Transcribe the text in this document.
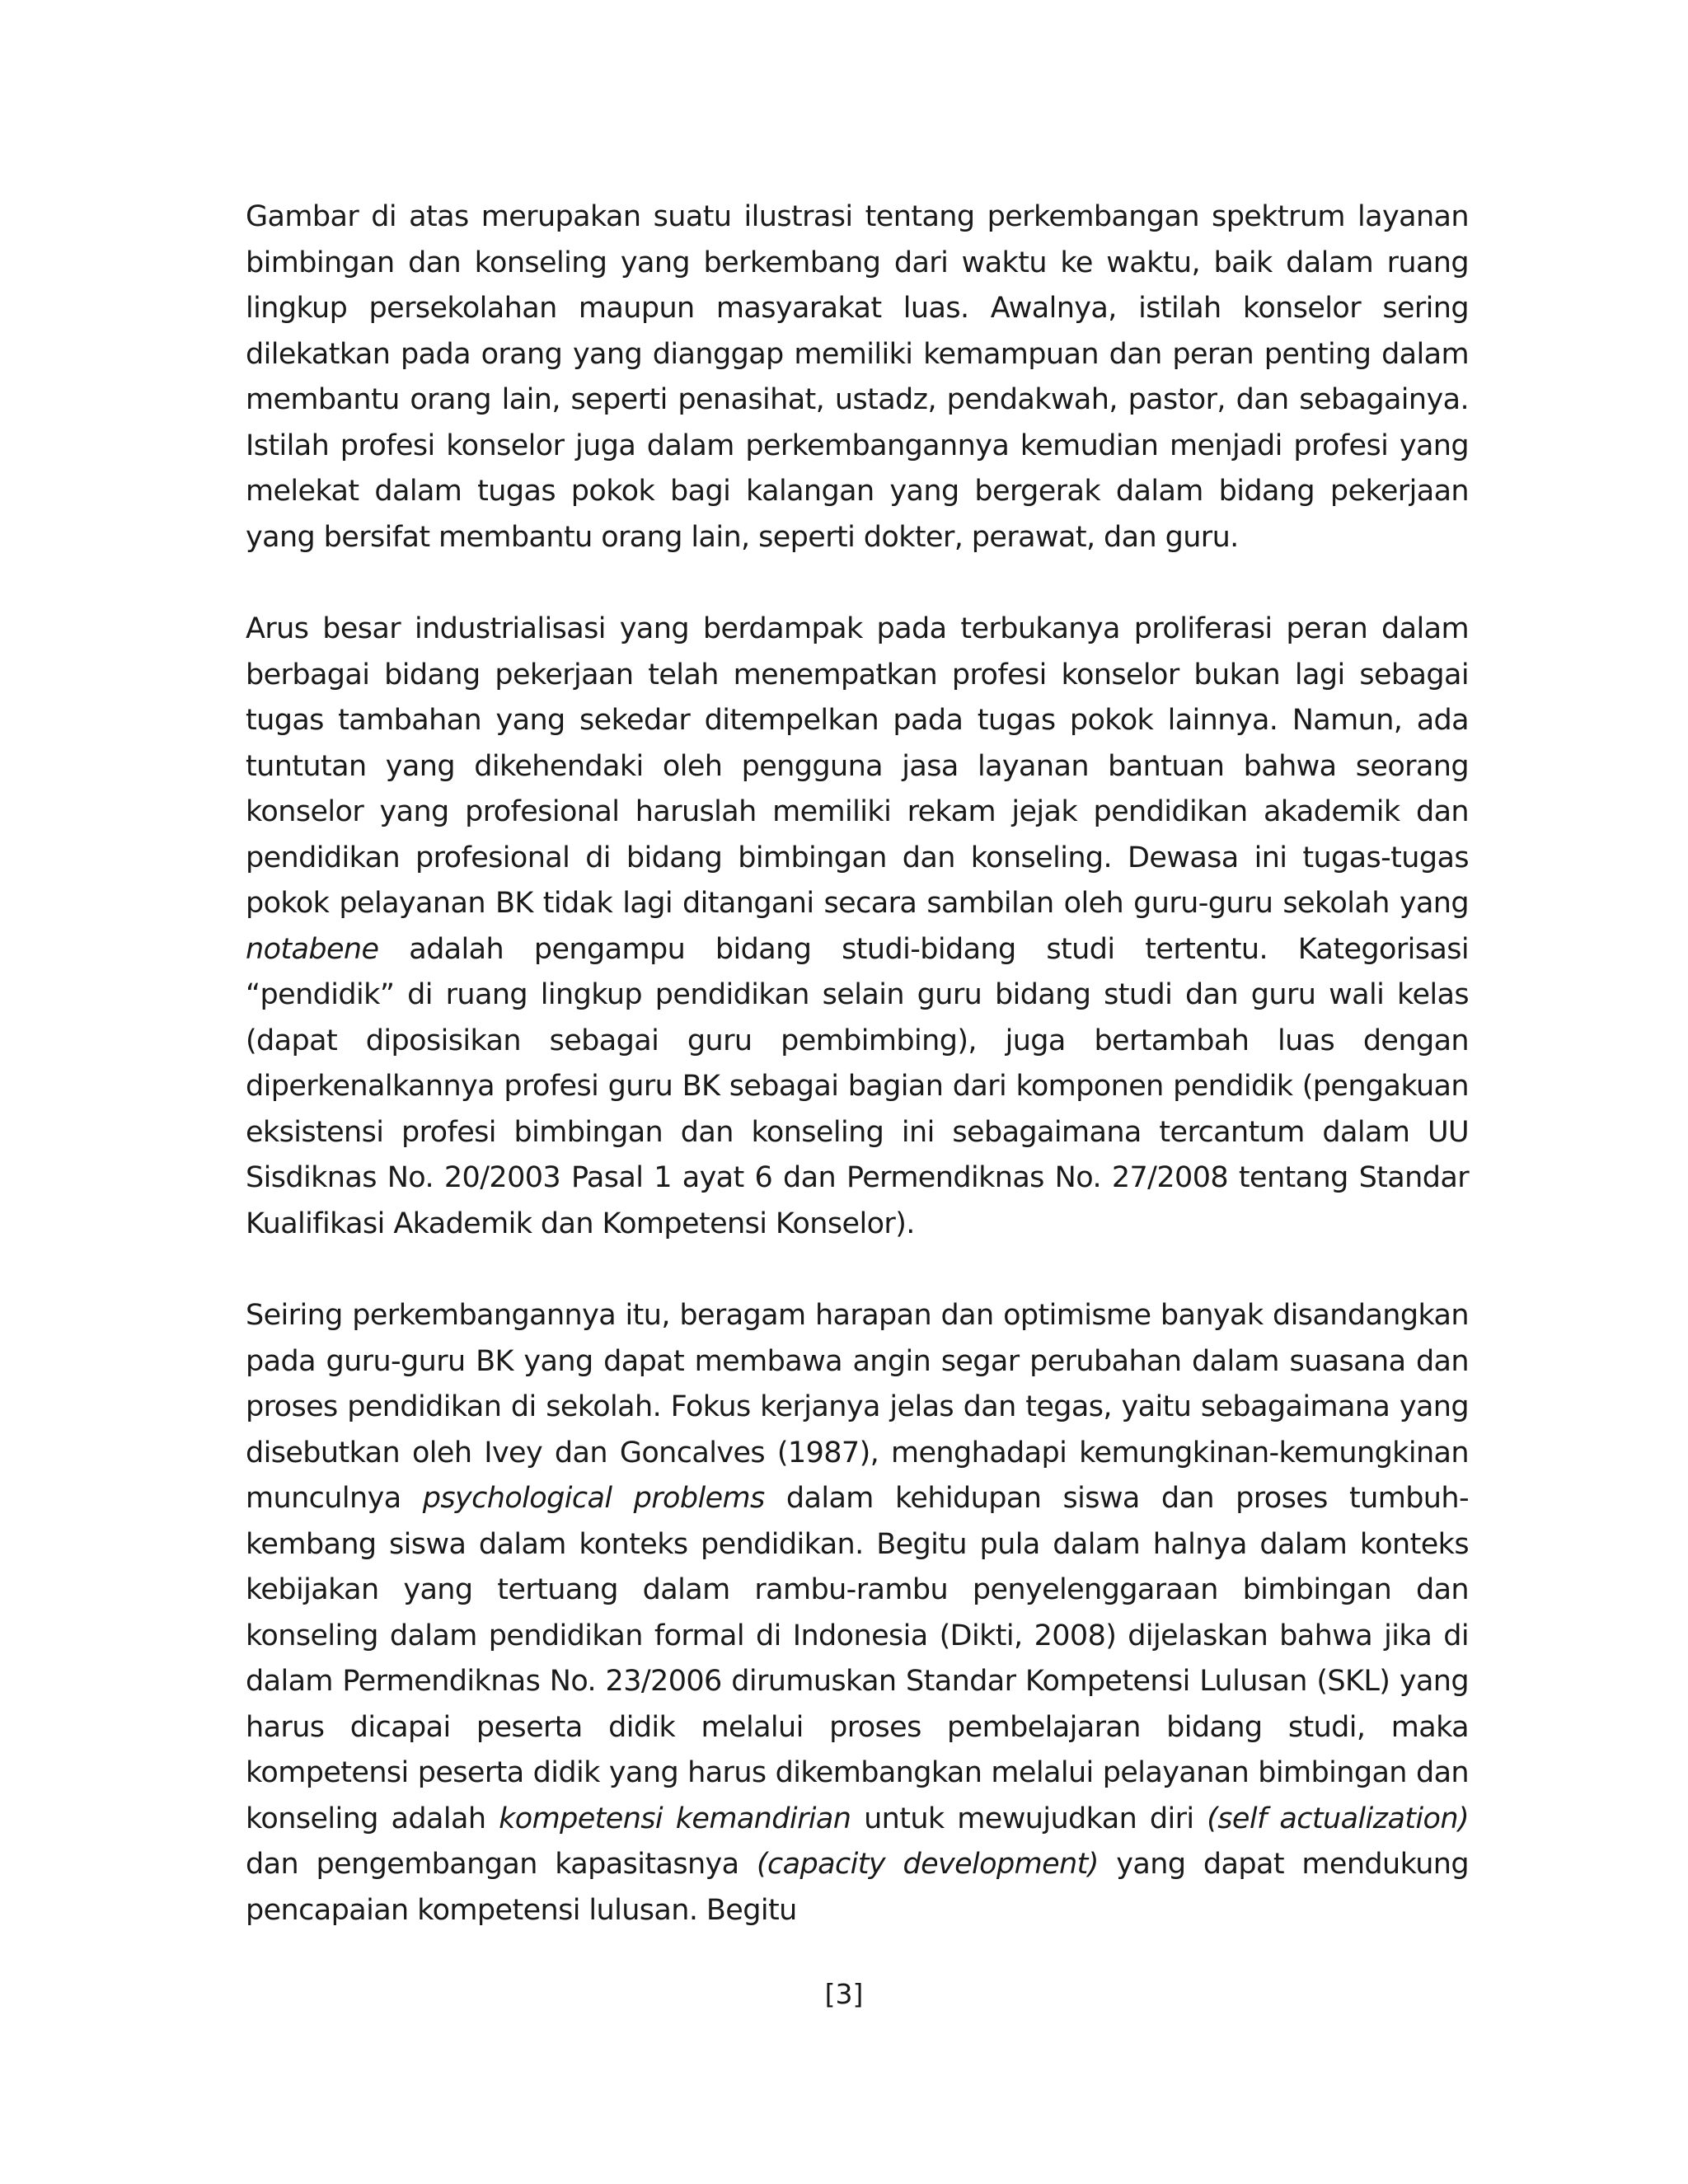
Gambar di atas merupakan suatu ilustrasi tentang perkembangan spektrum layanan bimbingan dan konseling yang berkembang dari waktu ke waktu, baik dalam ruang lingkup persekolahan maupun masyarakat luas. Awalnya, istilah konselor sering dilekatkan pada orang yang dianggap memiliki kemampuan dan peran penting dalam membantu orang lain, seperti penasihat, ustadz, pendakwah, pastor, dan sebagainya. Istilah profesi konselor juga dalam perkembangannya kemudian menjadi profesi yang melekat dalam tugas pokok bagi kalangan yang bergerak dalam bidang pekerjaan yang bersifat membantu orang lain, seperti dokter, perawat, dan guru.

Arus besar industrialisasi yang berdampak pada terbukanya proliferasi peran dalam berbagai bidang pekerjaan telah menempatkan profesi konselor bukan lagi sebagai tugas tambahan yang sekedar ditempelkan pada tugas pokok lainnya. Namun, ada tuntutan yang dikehendaki oleh pengguna jasa layanan bantuan bahwa seorang konselor yang profesional haruslah memiliki rekam jejak pendidikan akademik dan pendidikan profesional di bidang bimbingan dan konseling. Dewasa ini tugas-tugas pokok pelayanan BK tidak lagi ditangani secara sambilan oleh guru-guru sekolah yang notabene adalah pengampu bidang studi-bidang studi tertentu. Kategorisasi “pendidik” di ruang lingkup pendidikan selain guru bidang studi dan guru wali kelas (dapat diposisikan sebagai guru pembimbing), juga bertambah luas dengan diperkenalkannya profesi guru BK sebagai bagian dari komponen pendidik (pengakuan eksistensi profesi bimbingan dan konseling ini sebagaimana tercantum dalam UU Sisdiknas No. 20/2003 Pasal 1 ayat 6 dan Permendiknas No. 27/2008 tentang Standar Kualifikasi Akademik dan Kompetensi Konselor).

Seiring perkembangannya itu, beragam harapan dan optimisme banyak disandangkan pada guru-guru BK yang dapat membawa angin segar perubahan dalam suasana dan proses pendidikan di sekolah. Fokus kerjanya jelas dan tegas, yaitu sebagaimana yang disebutkan oleh Ivey dan Goncalves (1987), menghadapi kemungkinan-kemungkinan munculnya psychological problems dalam kehidupan siswa dan proses tumbuh-kembang siswa dalam konteks pendidikan. Begitu pula dalam halnya dalam konteks kebijakan yang tertuang dalam rambu-rambu penyelenggaraan bimbingan dan konseling dalam pendidikan formal di Indonesia (Dikti, 2008) dijelaskan bahwa jika di dalam Permendiknas No. 23/2006 dirumuskan Standar Kompetensi Lulusan (SKL) yang harus dicapai peserta didik melalui proses pembelajaran bidang studi, maka kompetensi peserta didik yang harus dikembangkan melalui pelayanan bimbingan dan konseling adalah kompetensi kemandirian untuk mewujudkan diri (self actualization) dan pengembangan kapasitasnya (capacity development) yang dapat mendukung pencapaian kompetensi lulusan. Begitu

[3]
